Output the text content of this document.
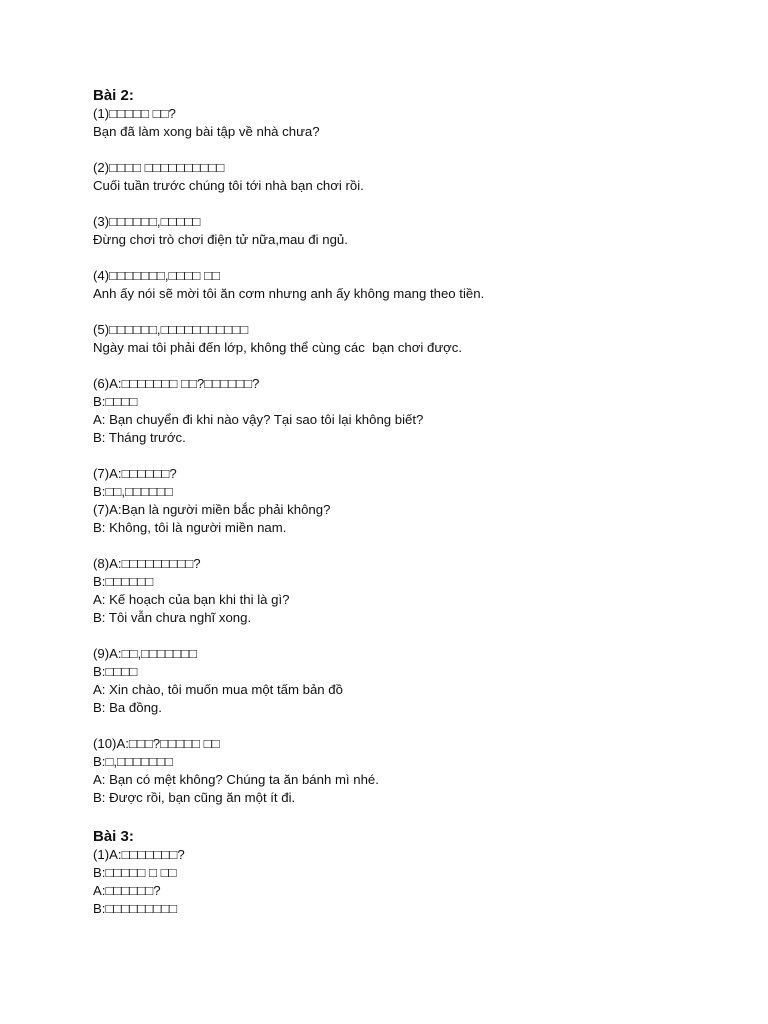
Bài 2:

(1)□□□□□ □□?

Bạn đã làm xong bài tập về nhà chưa?

(2)□□□□ □□□□□□□□□□

Cuối tuần trước chúng tôi tới nhà bạn chơi rồi.

(3)□□□□□□,□□□□□

Đừng chơi trò chơi điện tử nữa,mau đi ngủ.

(4)□□□□□□□,□□□□ □□

Anh ấy nói sẽ mời tôi ăn cơm nhưng anh ấy không mang theo tiền.

(5)□□□□□□,□□□□□□□□□□□

Ngày mai tôi phải đến lớp, không thể cùng các  bạn chơi được.

(6)A:□□□□□□□ □□?□□□□□□?

B:□□□□

A: Bạn chuyển đi khi nào vậy? Tại sao tôi lại không biết?

B: Tháng trước.

(7)A:□□□□□□?

B:□□,□□□□□□

(7)A:Bạn là người miền bắc phải không?

B: Không, tôi là người miền nam.

(8)A:□□□□□□□□□?

B:□□□□□□

A: Kế hoạch của bạn khi thi là gì?

B: Tôi vẫn chưa nghĩ xong.

(9)A:□□,□□□□□□□

B:□□□□

A: Xin chào, tôi muốn mua một tấm bản đồ

B: Ba đồng.

(10)A:□□□?□□□□□ □□

B:□,□□□□□□□

A: Bạn có mệt không? Chúng ta ăn bánh mì nhé.

B: Được rồi, bạn cũng ăn một ít đi.

Bài 3:

(1)A:□□□□□□□?

B:□□□□□ □ □□

A:□□□□□□?

B:□□□□□□□□□
